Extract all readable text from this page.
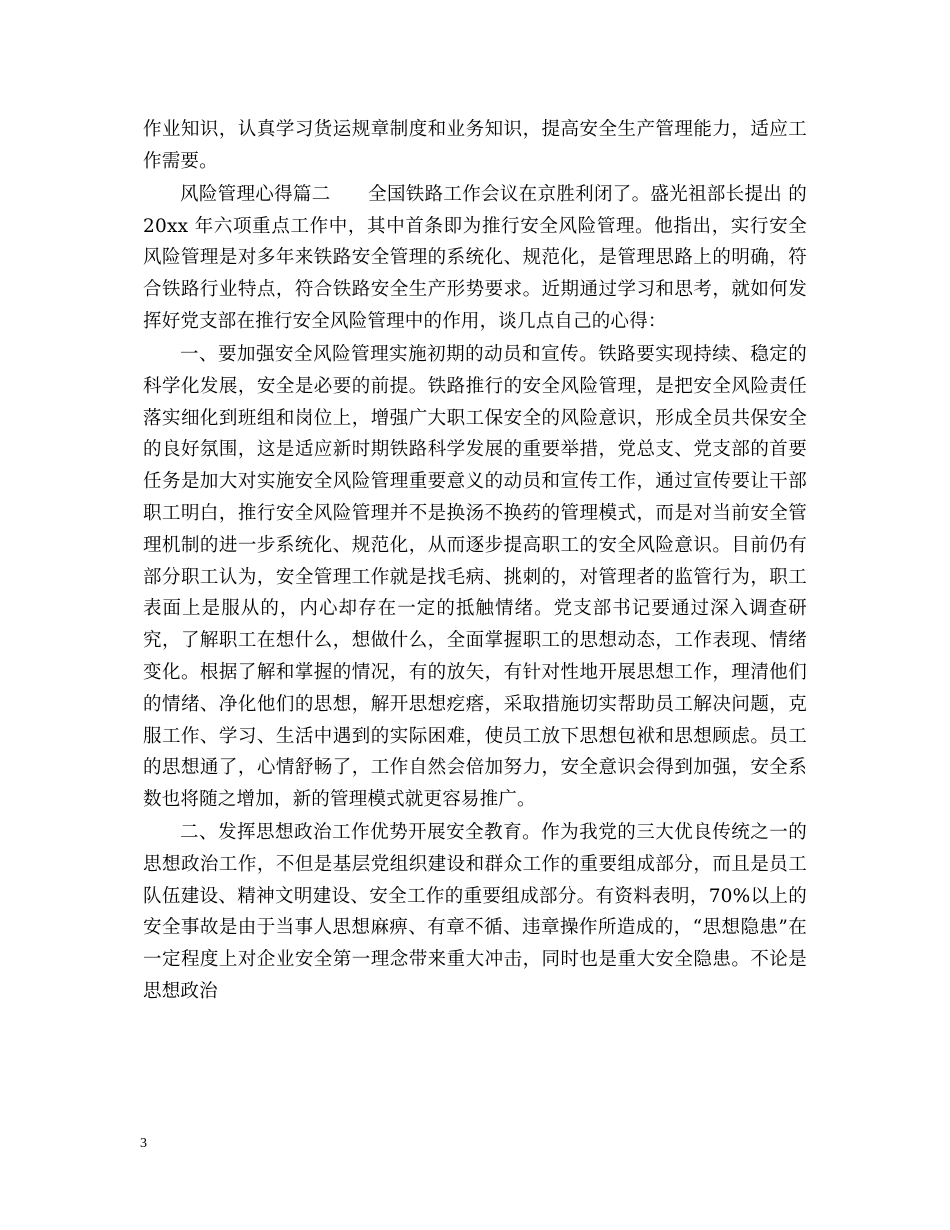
作业知识，认真学习货运规章制度和业务知识，提高安全生产管理能力，适应工作需要。

风险管理心得篇二　　全国铁路工作会议在京胜利闭了。盛光祖部长提出 的20xx 年六项重点工作中，其中首条即为推行安全风险管理。他指出，实行安全风险管理是对多年来铁路安全管理的系统化、规范化，是管理思路上的明确，符合铁路行业特点，符合铁路安全生产形势要求。近期通过学习和思考，就如何发挥好党支部在推行安全风险管理中的作用，谈几点自己的心得：

一、要加强安全风险管理实施初期的动员和宣传。铁路要实现持续、稳定的科学化发展，安全是必要的前提。铁路推行的安全风险管理，是把安全风险责任落实细化到班组和岗位上，增强广大职工保安全的风险意识，形成全员共保安全的良好氛围，这是适应新时期铁路科学发展的重要举措，党总支、党支部的首要任务是加大对实施安全风险管理重要意义的动员和宣传工作，通过宣传要让干部职工明白，推行安全风险管理并不是换汤不换药的管理模式，而是对当前安全管理机制的进一步系统化、规范化，从而逐步提高职工的安全风险意识。目前仍有部分职工认为，安全管理工作就是找毛病、挑刺的，对管理者的监管行为，职工表面上是服从的，内心却存在一定的抵触情绪。党支部书记要通过深入调查研究，了解职工在想什么，想做什么，全面掌握职工的思想动态，工作表现、情绪变化。根据了解和掌握的情况，有的放矢，有针对性地开展思想工作，理清他们的情绪、净化他们的思想，解开思想疙瘩，采取措施切实帮助员工解决问题，克服工作、学习、生活中遇到的实际困难，使员工放下思想包袱和思想顾虑。员工的思想通了，心情舒畅了，工作自然会倍加努力，安全意识会得到加强，安全系数也将随之增加，新的管理模式就更容易推广。

二、发挥思想政治工作优势开展安全教育。作为我党的三大优良传统之一的思想政治工作，不但是基层党组织建设和群众工作的重要组成部分，而且是员工队伍建设、精神文明建设、安全工作的重要组成部分。有资料表明，70%以上的安全事故是由于当事人思想麻痹、有章不循、违章操作所造成的，“思想隐患”在一定程度上对企业安全第一理念带来重大冲击，同时也是重大安全隐患。不论是思想政治

3
